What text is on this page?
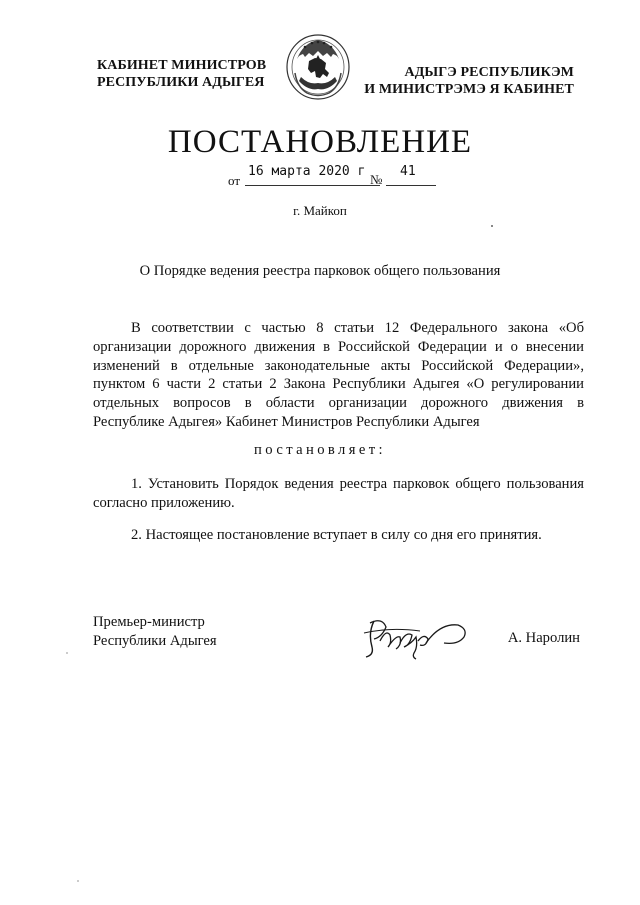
КАБИНЕТ МИНИСТРОВ
РЕСПУБЛИКИ АДЫГЕЯ
АДЫГЭ РЕСПУБЛИКЭМ
И МИНИСТРЭМЭ Я КАБИНЕТ
ПОСТАНОВЛЕНИЕ
от
16 марта 2020 г
№
41
г. Майкоп
О Порядке ведения реестра парковок общего пользования
В соответствии с частью 8 статьи 12 Федерального закона «Об
организации дорожного движения в Российской Федерации и о внесении
изменений в отдельные законодательные акты Российской Федерации»,
пунктом 6 части 2 статьи 2 Закона Республики Адыгея «О регулировании
отдельных вопросов в области организации дорожного движения в
Республике Адыгея» Кабинет Министров Республики Адыгея
постановляет:
1. Установить Порядок ведения реестра парковок общего пользования
согласно приложению.
2. Настоящее постановление вступает в силу со дня его принятия.
Премьер-министр
Республики Адыгея	А. Наролин
